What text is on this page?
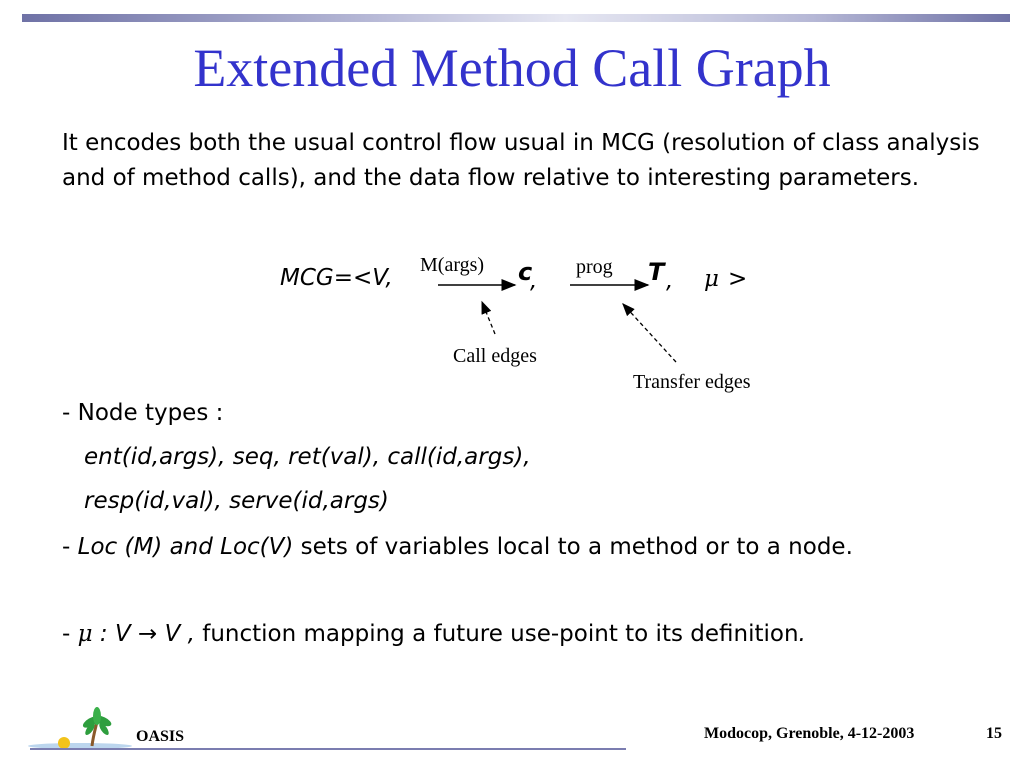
Extended Method Call Graph
It encodes both the usual control flow usual in MCG (resolution of class analysis and of method calls), and the data flow relative to interesting parameters.
MCG=<V, M(args) c
,
prog T , μ >
Call edges
Transfer edges
- Node types :
ent(id,args), seq, ret(val), call(id,args),
resp(id,val), serve(id,args)
- Loc (M) and Loc(V) sets of variables local to a method or to a node.
- μ : V → V , function mapping a future use-point to its definition.
OASIS	Modocop, Grenoble, 4-12-2003	15
